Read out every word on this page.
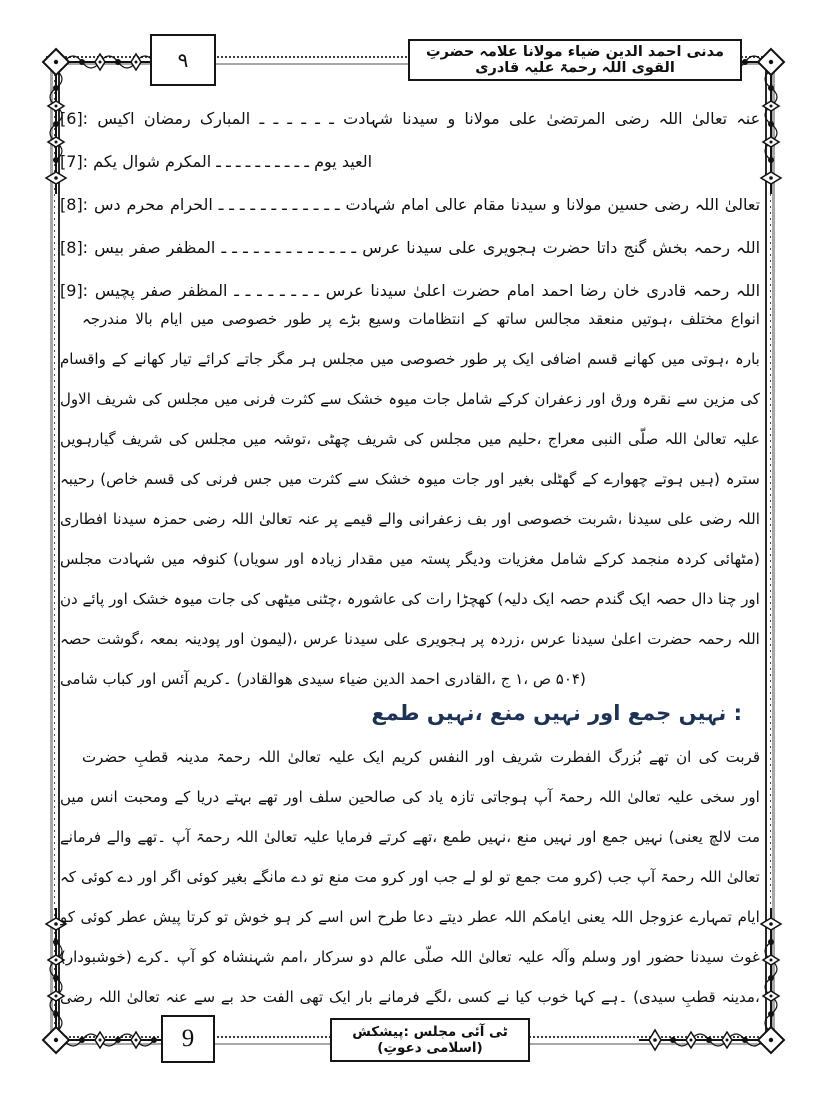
٩	حضرتِ علامہ مولانا ضیاء الدین احمد مدنی قادری علیہ رحمۃ اللہ القوی
[6]: اکیس رمضان المبارک ـ ـ ـ ـ ـ ـ شہادت سیدنا و مولانا علی المرتضیٰ رضی اللہ تعالیٰ عنہ
[7]: یکم شوال المکرم ـ ـ ـ ـ ـ ـ ـ ـ ـ ـ یوم العید
[8]: دس محرم الحرام ـ ـ ـ ـ ـ ـ ـ ـ ـ ـ ـ ـ شہادت امام عالی مقام سیدنا و مولانا حسین رضی اللہ تعالیٰ
[8]: بیس صفر المظفر ـ ـ ـ ـ ـ ـ ـ ـ ـ ـ ـ ـ ـ عرس سیدنا علی ہجویری حضرت داتا گنج بخش رحمہ اللہ
[9]: پچیس صفر المظفر ـ ـ ـ ـ ـ ـ ـ ـ عرس سیدنا اعلیٰ حضرت امام احمد رضا خان قادری رحمہ اللہ
مندرجہ بالا ایام میں خصوصی طور پر بڑے وسیع انتظامات کے ساتھ مجالس منعقد ہوتیں، مختلف انواع
واقسام کے کھانے تیار کرائے جاتے مگر ہر مجلس میں خصوصی طور پر ایک اضافی قسم کھانے میں ہوتی، بارہ
الاول شریف کی مجلس میں فرنی کثرت سے خشک میوہ جات شامل کرکے زعفران اور ورق نقرہ سے مزین کی
گیارہویں شریف کی مجلس میں توشہ، چھٹی شریف کی مجلس میں حلیم، معراج النبی صلّی اللہ تعالیٰ علیہ
رحیبہ (خاص قسم کی فرنی جس میں کثرت سے خشک میوہ جات اور بغیر گھٹلی کے چھوارے ہوتے ہیں) سترہ
افطاری سیدنا حمزہ رضی اللہ تعالیٰ عنہ پر قیمے والے زعفرانی بف اور خصوصی شربت، سیدنا علی رضی اللہ
مجلس شہادت میں کنوفہ (سویاں اور زیادہ مقدار میں پستہ ودیگر مغزیات شامل کرکے منجمد کردہ مٹھائی)
دن پائے اور خشک میوہ جات کی میٹھی چٹنی، عاشورہ کی رات کھچڑا (دلیہ ایک حصہ گندم ایک حصہ دال چنا اور
حصہ گوشت، بمعہ پودینہ اور لیمون)، عرس سیدنا علی ہجویری پر زردہ، عرس سیدنا اعلیٰ حضرت رحمہ اللہ
شامی کباب اور آئس کریم۔ (ھوالقادر سیدی ضیاء الدین احمد القادری، ج ۱، ص ۵۰۴)
طمع نہیں، منع نہیں اور جمع نہیں :
حضرت قطبِ مدینہ رحمۃ اللہ تعالیٰ علیہ ایک کریم النفس اور شریف الفطرت بُزرگ تھے ان کی قربت
میں انس ومحبت کے دریا بہتے تھے اور سلف صالحین کی یاد تازہ ہوجاتی آپ رحمۃ اللہ تعالیٰ علیہ سخی اور
فرمانے والے تھے۔ آپ رحمۃ اللہ تعالیٰ علیہ فرمایا کرتے تھے، طمع نہیں، منع نہیں اور جمع نہیں (یعنی لالچ مت
کہ کوئی دے اور اگر کوئی بغیر مانگے دے تو منع مت کرو اور جب لے لو تو جمع مت کرو) جب آپ رحمۃ اللہ تعالیٰ
کو کوئی عطر پیش کرتا تو خوش ہو کر اسے اس طرح دعا دیتے عطر اللہ ایامکم یعنی اللہ عزوجل تمہارے ایام
(خوشبودار) کرے۔ آپ کو شہنشاہ امم، سرکار دو عالم صلّی اللہ تعالیٰ علیہ وآلہ وسلم اور حضور سیدنا غوث
رضی اللہ تعالیٰ عنہ سے بے حد الفت تھی ایک بار فرمانے لگے، کسی نے کیا خوب کہا ہے۔ (سیدی قطبِ مدینہ،
9	پیشکش: مجلس آئی ٹی (دعوتِ اسلامی)
